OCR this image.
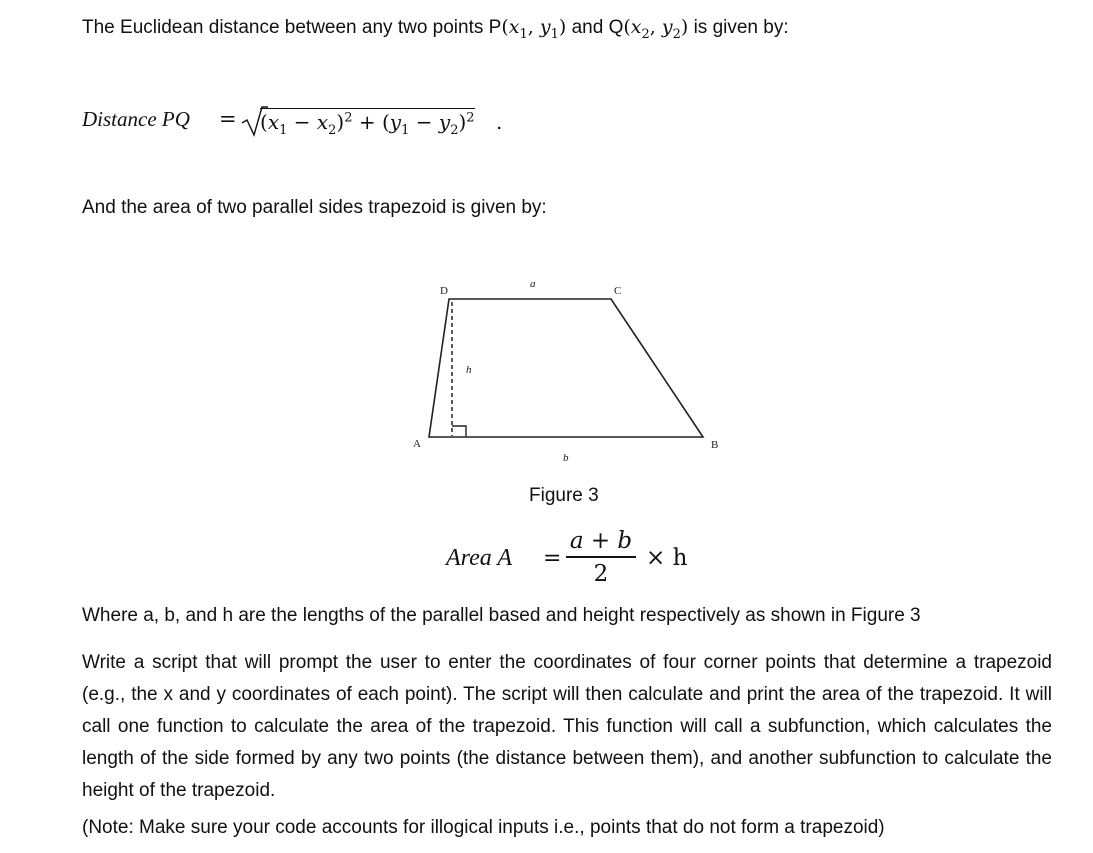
The Euclidean distance between any two points $P(x_1$, $y_1$) and $Q(x_2$, $y_2$) is given by:
Distance PQ = $(x_1 - x_2)^2 + (y_1 - y_2)^2$ .
And the area of two parallel sides trapezoid is given by:
D
a
C
h
A	B
b
Figure 3
Area A =
a + b
2
× h
Where a, b, and h are the lengths of the parallel based and height respectively as shown in Figure 3
Write a script that will prompt the user to enter the coordinates of four corner points that determine a trapezoid (e.g., the x and y coordinates of each point). The script will then calculate and print the area of the trapezoid. It will call one function to calculate the area of the trapezoid. This function will call a subfunction, which calculates the length of the side formed by any two points (the distance between them), and another subfunction to calculate the height of the trapezoid.
(Note: Make sure your code accounts for illogical inputs i.e., points that do not form a trapezoid)
